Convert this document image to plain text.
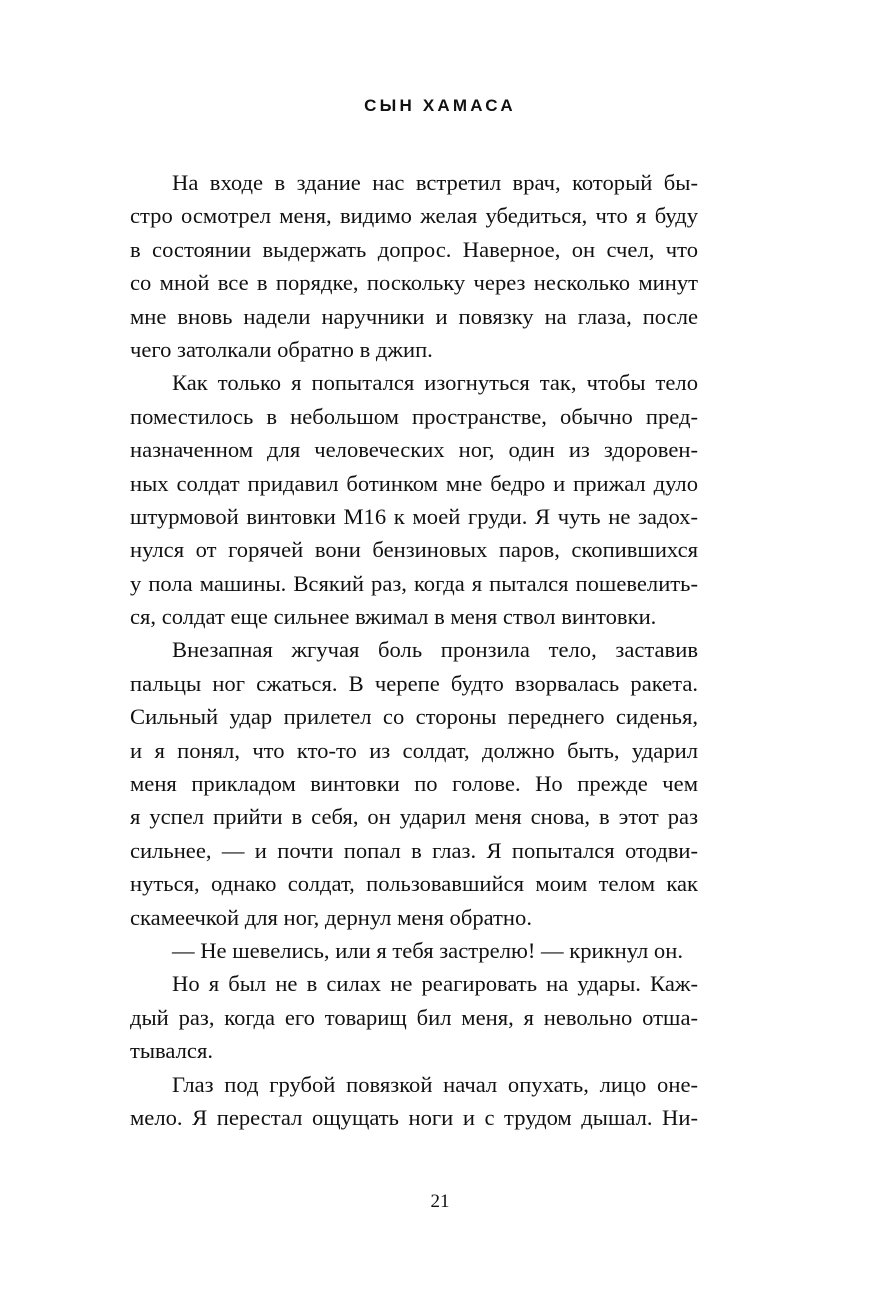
СЫН ХАМАСА
На входе в здание нас встретил врач, который бы-
стро осмотрел меня, видимо желая убедиться, что я буду
в состоянии выдержать допрос. Наверное, он счел, что
со мной все в порядке, поскольку через несколько минут
мне вновь надели наручники и повязку на глаза, после
чего затолкали обратно в джип.
Как только я попытался изогнуться так, чтобы тело
поместилось в небольшом пространстве, обычно пред-
назначенном для человеческих ног, один из здоровен-
ных солдат придавил ботинком мне бедро и прижал дуло
штурмовой винтовки М16 к моей груди. Я чуть не задох-
нулся от горячей вони бензиновых паров, скопившихся
у пола машины. Всякий раз, когда я пытался пошевелить-
ся, солдат еще сильнее вжимал в меня ствол винтовки.
Внезапная жгучая боль пронзила тело, заставив
пальцы ног сжаться. В черепе будто взорвалась ракета.
Сильный удар прилетел со стороны переднего сиденья,
и я понял, что кто-то из солдат, должно быть, ударил
меня прикладом винтовки по голове. Но прежде чем
я успел прийти в себя, он ударил меня снова, в этот раз
сильнее, — и почти попал в глаз. Я попытался отодви-
нуться, однако солдат, пользовавшийся моим телом как
скамеечкой для ног, дернул меня обратно.
— Не шевелись, или я тебя застрелю! — крикнул он.
Но я был не в силах не реагировать на удары. Каж-
дый раз, когда его товарищ бил меня, я невольно отша-
тывался.
Глаз под грубой повязкой начал опухать, лицо оне-
мело. Я перестал ощущать ноги и с трудом дышал. Ни-
21
